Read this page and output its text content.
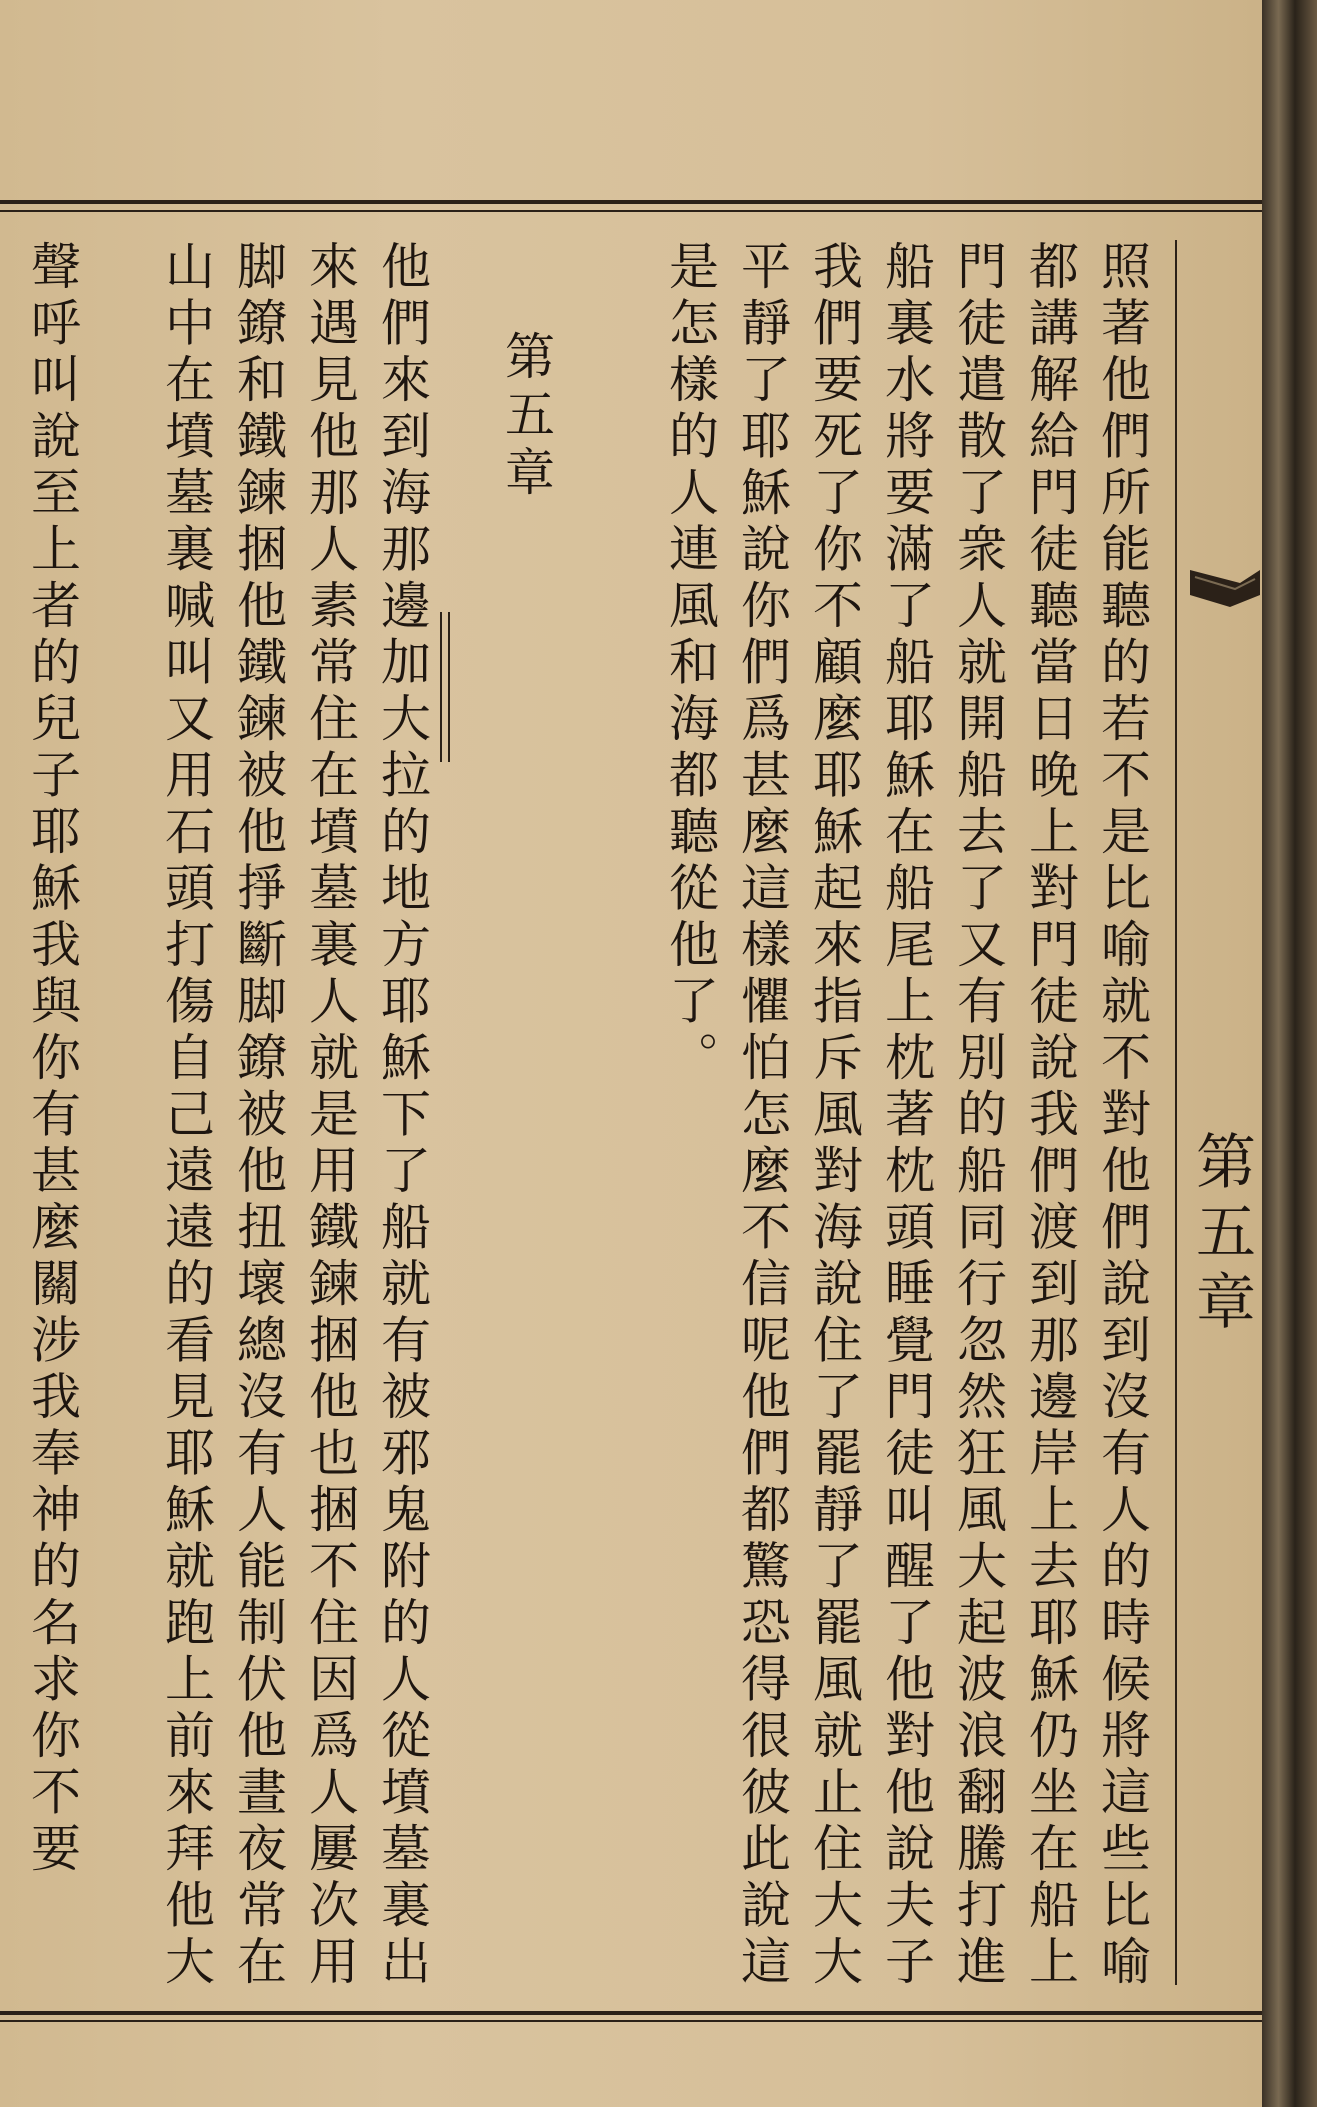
第五章
照著他們所能聽的若不是比喻就不對他們說到沒有人的時候將這些比喻
都講解給門徒聽當日晚上對門徒說我們渡到那邊岸上去耶穌仍坐在船上
門徒遣散了衆人就開船去了又有別的船同行忽然狂風大起波浪翻騰打進
船裏水將要滿了船耶穌在船尾上枕著枕頭睡覺門徒叫醒了他對他說夫子
我們要死了你不顧麼耶穌起來指斥風對海說住了罷靜了罷風就止住大大
平靜了耶穌說你們爲甚麼這樣懼怕怎麼不信呢他們都驚恐得很彼此說這
是怎樣的人連風和海都聽從他了。
第五章
他們來到海那邊加大拉的地方耶穌下了船就有被邪鬼附的人從墳墓裏出
來遇見他那人素常住在墳墓裏人就是用鐵鍊捆他也捆不住因爲人屢次用
脚鐐和鐵鍊捆他鐵鍊被他掙斷脚鐐被他扭壞總沒有人能制伏他晝夜常在
山中在墳墓裏喊叫又用石頭打傷自己遠遠的看見耶穌就跑上前來拜他大
聲呼叫說至上者的兒子耶穌我與你有甚麼關涉我奉神的名求你不要
